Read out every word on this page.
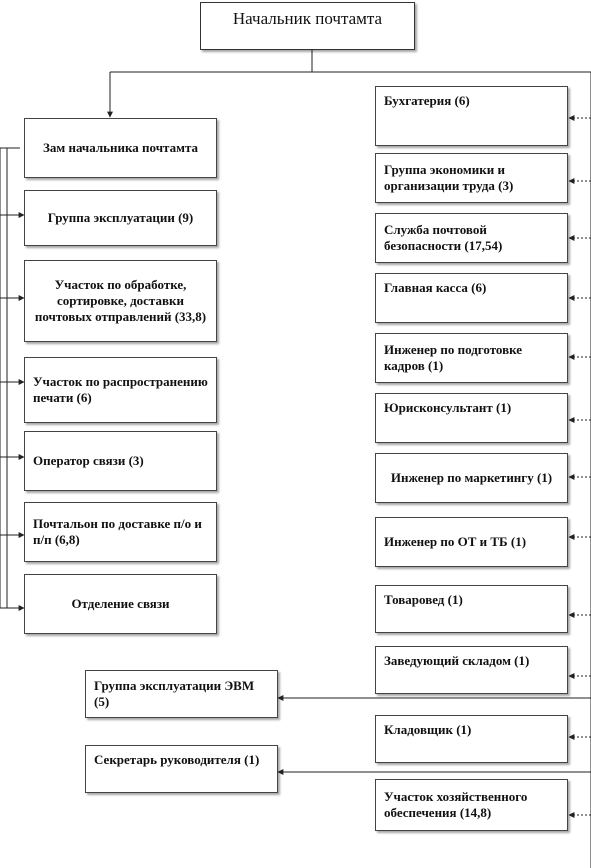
Начальник почтамта
Зам начальника почтамта
Группа эксплуатации (9)
Участок по обработке, сортировке, доставки почтовых отправлений (33,8)
Участок по распространению печати (6)
Оператор связи (3)
Почтальон по доставке п/о и п/п (6,8)
Отделение связи
Группа эксплуатации ЭВМ (5)
Секретарь руководителя (1)
Бухгатерия (6)
Группа экономики и организации труда (3)
Служба почтовой безопасности (17,54)
Главная касса (6)
Инженер по подготовке кадров (1)
Юрисконсультант (1)
Инженер по маркетингу (1)
Инженер по ОТ и ТБ (1)
Товаровед (1)
Заведующий складом (1)
Кладовщик (1)
Участок хозяйственного обеспечения (14,8)
